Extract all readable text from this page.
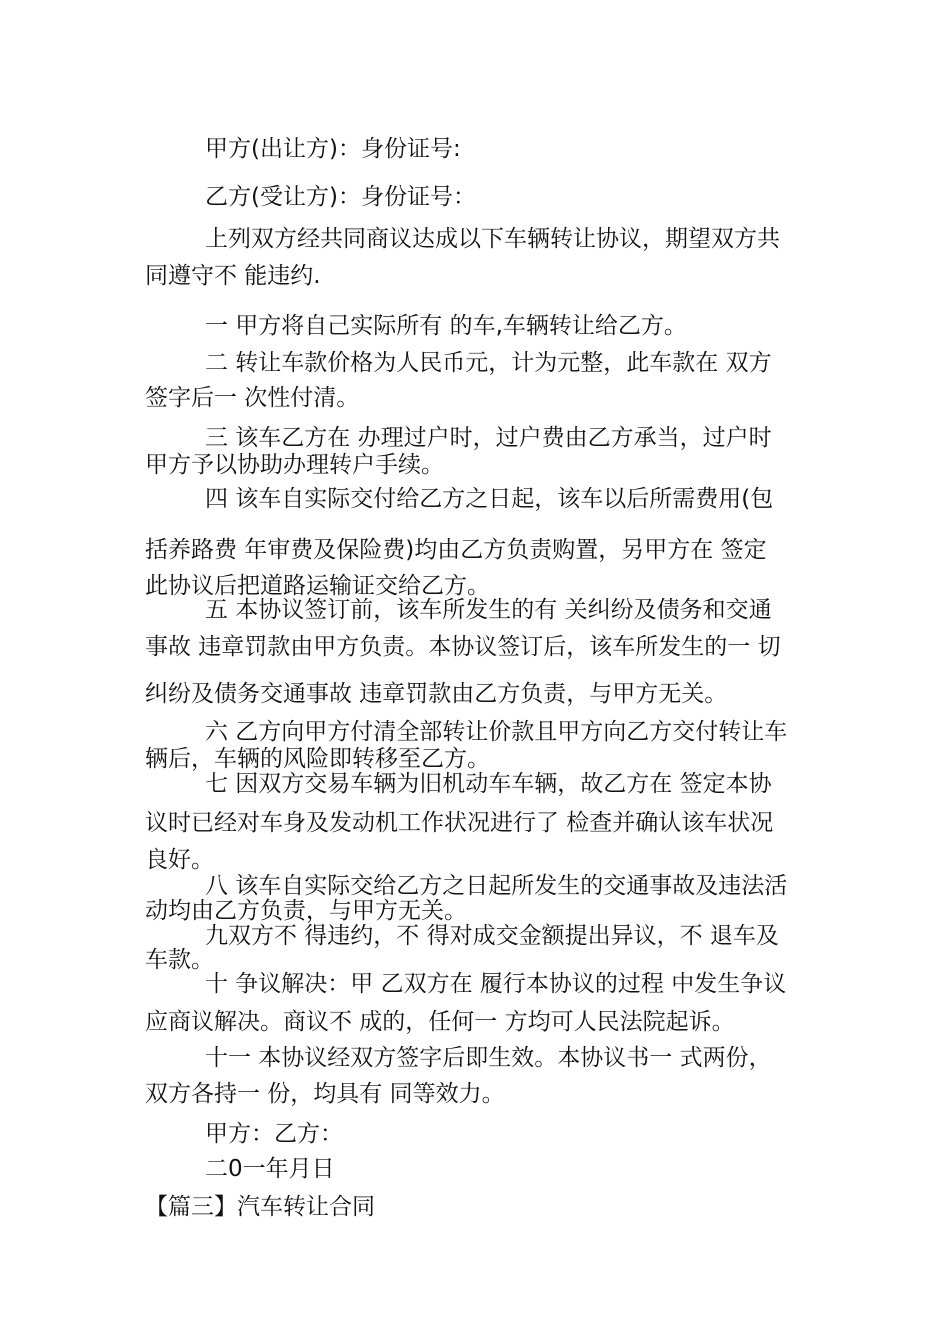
甲方(出让方)：身份证号:
乙方(受让方)：身份证号：
上列双方经共同商议达成以下车辆转让协议，期望双方共
同遵守不 能违约.
一 甲方将自己实际所有 的车,车辆转让给乙方。
二 转让车款价格为人民币元，计为元整，此车款在 双方
签字后一 次性付清。
三 该车乙方在 办理过户时，过户费由乙方承当，过户时
甲方予以协助办理转户手续。
四 该车自实际交付给乙方之日起，该车以后所需费用(包
括养路费 年审费及保险费)均由乙方负责购置，另甲方在 签定
此协议后把道路运输证交给乙方。
五 本协议签订前，该车所发生的有 关纠纷及债务和交通
事故 违章罚款由甲方负责。本协议签订后，该车所发生的一 切
纠纷及债务交通事故 违章罚款由乙方负责，与甲方无关。
六 乙方向甲方付清全部转让价款且甲方向乙方交付转让车
辆后，车辆的风险即转移至乙方。
七 因双方交易车辆为旧机动车车辆，故乙方在 签定本协
议时已经对车身及发动机工作状况进行了 检查并确认该车状况
良好。
八 该车自实际交给乙方之日起所发生的交通事故及违法活
动均由乙方负责，与甲方无关。
九双方不 得违约，不 得对成交金额提出异议，不 退车及
车款。
十 争议解决：甲 乙双方在 履行本协议的过程 中发生争议
应商议解决。商议不 成的，任何一 方均可人民法院起诉。
十一 本协议经双方签字后即生效。本协议书一 式两份，
双方各持一 份，均具有 同等效力。
甲方：乙方：
二0一年月日
【篇三】汽车转让合同
